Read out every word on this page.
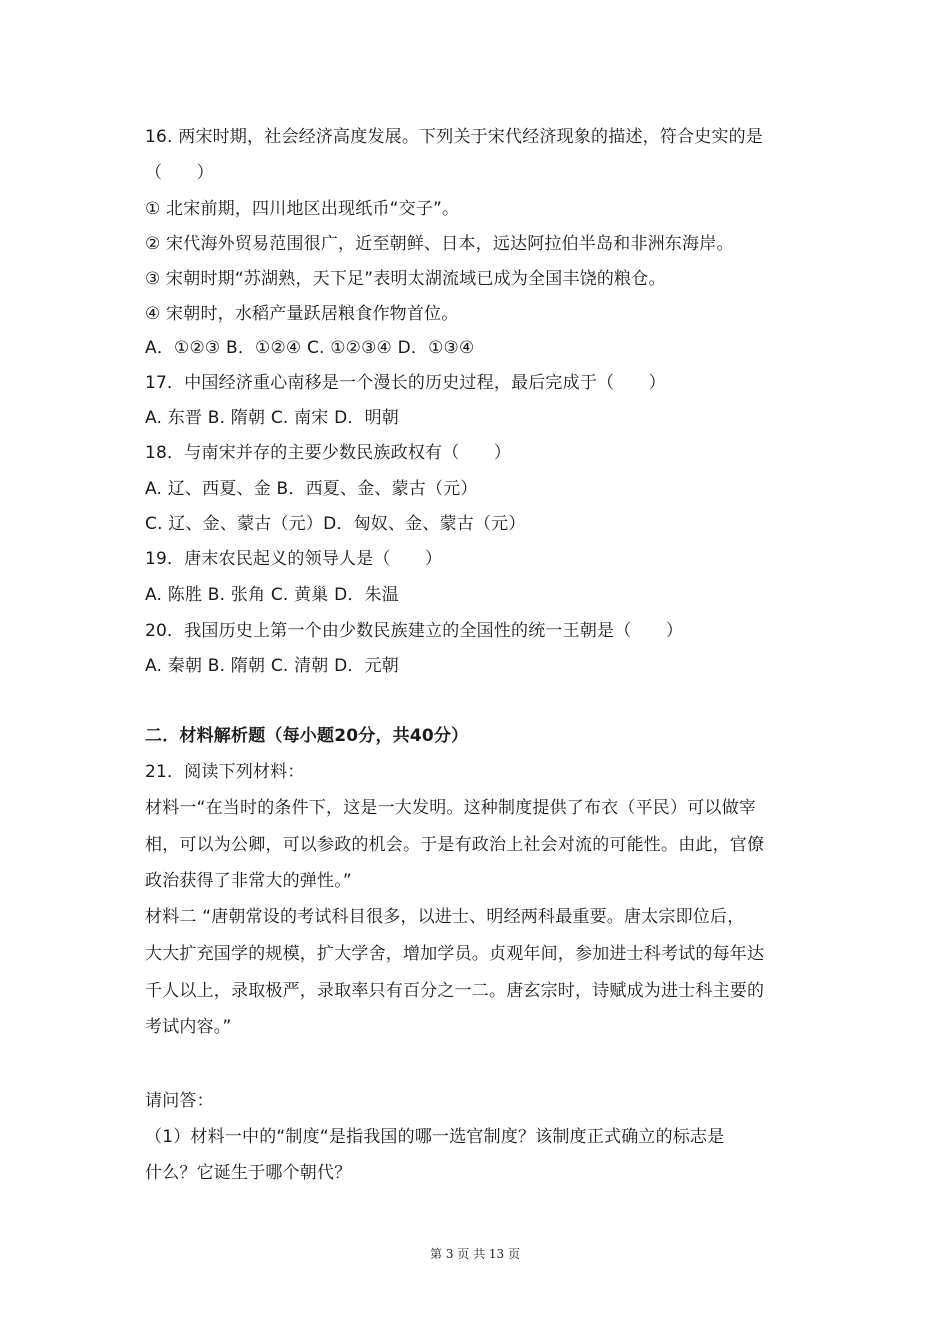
16. 两宋时期，社会经济高度发展。下列关于宋代经济现象的描述，符合史实的是
（　　）
① 北宋前期，四川地区出现纸币“交子”。
② 宋代海外贸易范围很广，近至朝鲜、日本，远达阿拉伯半岛和非洲东海岸。
③ 宋朝时期“苏湖熟，天下足”表明太湖流域已成为全国丰饶的粮仓。
④ 宋朝时，水稻产量跃居粮食作物首位。
A．①②③ B．①②④ C. ①②③④ D．①③④
17．中国经济重心南移是一个漫长的历史过程，最后完成于（　　）
A. 东晋 B. 隋朝 C. 南宋 D．明朝
18．与南宋并存的主要少数民族政权有（　　）
A. 辽、西夏、金 B．西夏、金、蒙古（元）
C. 辽、金、蒙古（元）D．匈奴、金、蒙古（元）
19．唐末农民起义的领导人是（　　）
A. 陈胜 B. 张角 C. 黄巢 D．朱温
20．我国历史上第一个由少数民族建立的全国性的统一王朝是（　　）
A. 秦朝 B. 隋朝 C. 清朝 D．元朝
二．材料解析题（每小题20分，共40分）
21．阅读下列材料：
材料一“在当时的条件下，这是一大发明。这种制度提供了布衣（平民）可以做宰
相，可以为公卿，可以参政的机会。于是有政治上社会对流的可能性。由此，官僚
政治获得了非常大的弹性。”
材料二 “唐朝常设的考试科目很多，以进士、明经两科最重要。唐太宗即位后，
大大扩充国学的规模，扩大学舍，增加学员。贞观年间，参加进士科考试的每年达
千人以上，录取极严，录取率只有百分之一二。唐玄宗时，诗赋成为进士科主要的
考试内容。”
请问答：
（1）材料一中的“制度“是指我国的哪一选官制度？该制度正式确立的标志是
什么？它诞生于哪个朝代？
第 3 页 共 13 页
